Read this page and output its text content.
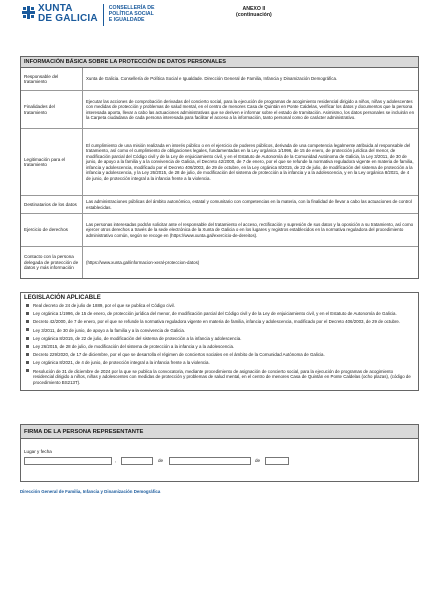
XUNTA
DE GALICIA
CONSELLERÍA DE
POLÍTICA SOCIAL
E IGUALDADE
ANEXO II
(continuación)
INFORMACIÓN BÁSICA SOBRE LA PROTECCIÓN DE DATOS PERSONALES
Responsable del tratamiento
Xunta de Galicia. Consellería de Política Social e Igualdade. Dirección General de Familia, Infancia y Dinamización Demográfica.
Finalidades del tratamiento
Ejecutar las acciones de comprobación derivadas del concierto social, para la ejecución de programas de acogimiento residencial dirigido a niños, niñas y adolescentes con medidas de protección y problemas de salud mental, en el centro de menores Casa de Quintán en Ponte Caldelas, verificar los datos y documentos que la persona interesada aporta, llevar a cabo las actuaciones administrativas que se deriven e informar sobre el estado de tramitación. Asimismo, los datos personales se incluirán en la Carpeta ciudadana de cada persona interesada para facilitar el acceso a la información, tanto personal como de carácter administrativo.
Legitimación para el tratamiento
El cumplimiento de una misión realizada en interés público o en el ejercicio de poderes públicos, derivada de una competencia legalmente atribuida al responsable del tratamiento, así como el cumplimiento de obligaciones legales, fundamentadas en la Ley orgánica 1/1996, de 15 de enero, de protección jurídica del menor, de modificación parcial del Código civil y de la Ley de enjuiciamiento civil, y en el Estatuto de Autonomía de la Comunidad Autónoma de Galicia, la Ley 3/2011, de 30 de junio, de apoyo a la familia y a la convivencia de Galicia, el Decreto 42/2000, de 7 de enero, por el que se refunde la normativa reguladora vigente en materia de familia, infancia y adolescencia, modificado por el Decreto 406/2003, de 29 de octubre, en la Ley orgánica 8/2015, de 22 de julio, de modificación del sistema de protección a la infancia y adolescencia, y la Ley 26/2015, de 28 de julio, de modificación del sistema de protección a la infancia y a la adolescencia, y en la Ley orgánica 8/2021, de 4 de junio, de protección integral a la infancia frente a la violencia.
Destinatarios de los datos
Las administraciones públicas del ámbito autonómico, estatal y comunitario con competencias en la materia, con la finalidad de llevar a cabo las actuaciones de control establecidas.
Ejercicio de derechos
Las personas interesadas podrán solicitar ante el responsable del tratamiento el acceso, rectificación y supresión de sus datos y la oposición a su tratamiento, así como ejercer otros derechos a través de la sede electrónica de la Xunta de Galicia o en los lugares y registros establecidos en la normativa reguladora del procedimiento administrativo común, según se recoge en (https://www.xunta.gal/exercicio-de-dereitos).
Contacto con la persona delegada de protección de datos y más información
(https://www.xunta.gal/informacion-xeral-proteccion-datos)
LEGISLACIÓN APLICABLE
Real decreto de 24 de julio de 1889, por el que se publica el Código civil.
Ley orgánica 1/1996, de 15 de enero, de protección jurídica del menor, de modificación parcial del Código civil y de la Ley de enjuiciamiento civil, y en el Estatuto de Autonomía de Galicia.
Decreto 42/2000, de 7 de enero, por el que se refunde la normativa reguladora vigente en materia de familia, infancia y adolescencia, modificado por el Decreto 406/2003, de 29 de octubre.
Ley 3/2011, de 30 de junio, de apoyo a la familia y a la convivencia de Galicia.
Ley orgánica 8/2015, de 22 de julio, de modificación del sistema de protección a la infancia y adolescencia.
Ley 26/2015, de 28 de julio, de modificación del sistema de protección a la infancia y a la adolescencia.
Decreto 229/2020, de 17 de diciembre, por el que se desarrolla el régimen de conciertos sociales en el ámbito de la Comunidad Autónoma de Galicia.
Ley orgánica 8/2021, de 4 de junio, de protección integral a la infancia frente a la violencia.
Resolución de 31 de diciembre de 2024 por la que se publica la convocatoria, mediante procedimiento de asignación de concierto social, para la ejecución de programas de acogimiento residencial dirigido a niños, niñas y adolescentes con medidas de protección y problemas de salud mental, en el centro de menores Casa de Quintán en Ponte Caldelas (ocho plazas), (código de procedimiento BS213T).
FIRMA DE LA PERSONA REPRESENTANTE
Lugar y fecha
,	de	de
Dirección General de Familia, Infancia y Dinamización Demográfica
